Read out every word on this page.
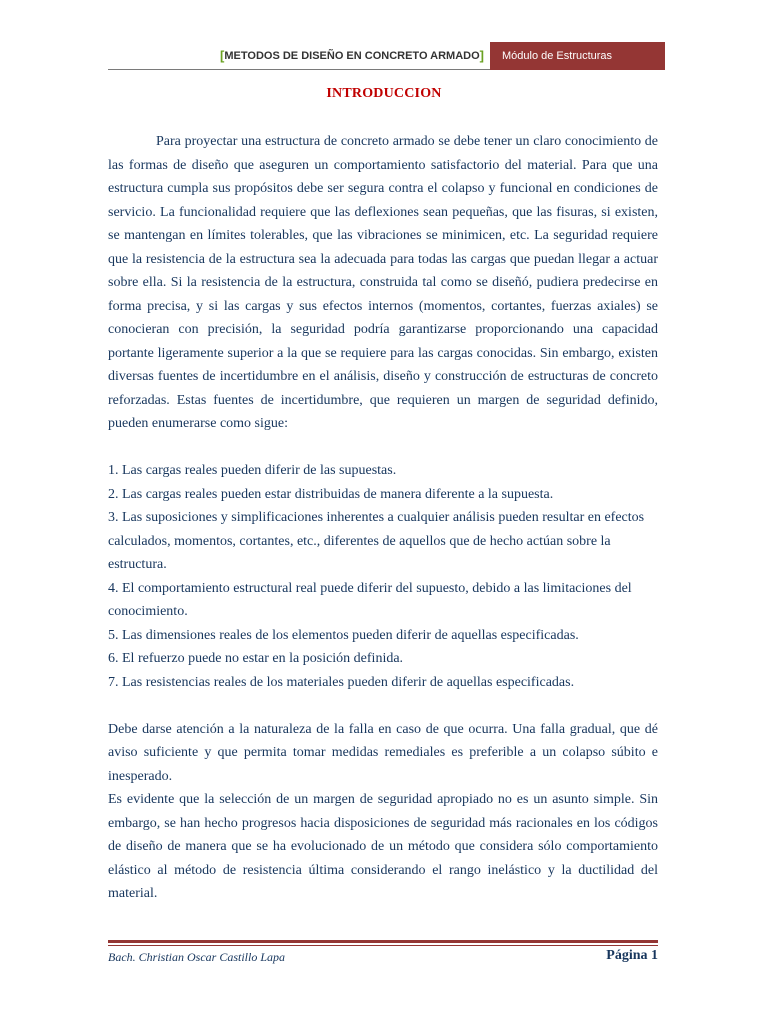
[ METODOS DE DISEÑO EN CONCRETO ARMADO ]	Módulo de Estructuras
INTRODUCCION

Para proyectar una estructura de concreto armado se debe tener un claro conocimiento de las formas de diseño que aseguren un comportamiento satisfactorio del material. Para que una estructura cumpla sus propósitos debe ser segura contra el colapso y funcional en condiciones de servicio. La funcionalidad requiere que las deflexiones sean pequeñas, que las fisuras, si existen, se mantengan en límites tolerables, que las vibraciones se minimicen, etc. La seguridad requiere que la resistencia de la estructura sea la adecuada para todas las cargas que puedan llegar a actuar sobre ella. Si la resistencia de la estructura, construida tal como se diseñó, pudiera predecirse en forma precisa, y si las cargas y sus efectos internos (momentos, cortantes, fuerzas axiales) se conocieran con precisión, la seguridad podría garantizarse proporcionando una capacidad portante ligeramente superior a la que se requiere para las cargas conocidas. Sin embargo, existen diversas fuentes de incertidumbre en el análisis, diseño y construcción de estructuras de concreto reforzadas. Estas fuentes de incertidumbre, que requieren un margen de seguridad definido, pueden enumerarse como sigue:

1. Las cargas reales pueden diferir de las supuestas.

2. Las cargas reales pueden estar distribuidas de manera diferente a la supuesta.

3. Las suposiciones y simplificaciones inherentes a cualquier análisis pueden resultar en efectos calculados, momentos, cortantes, etc., diferentes de aquellos que de hecho actúan sobre la estructura.

4. El comportamiento estructural real puede diferir del supuesto, debido a las limitaciones del conocimiento.

5. Las dimensiones reales de los elementos pueden diferir de aquellas especificadas.

6. El refuerzo puede no estar en la posición definida.

7. Las resistencias reales de los materiales pueden diferir de aquellas especificadas.

Debe darse atención a la naturaleza de la falla en caso de que ocurra. Una falla gradual, que dé aviso suficiente y que permita tomar medidas remediales es preferible a un colapso súbito e inesperado.

Es evidente que la selección de un margen de seguridad apropiado no es un asunto simple. Sin embargo, se han hecho progresos hacia disposiciones de seguridad más racionales en los códigos de diseño de manera que se ha evolucionado de un método que considera sólo comportamiento elástico al método de resistencia última considerando el rango inelástico y la ductilidad del material.

Bach. Christian Oscar Castillo Lapa	Página 1
